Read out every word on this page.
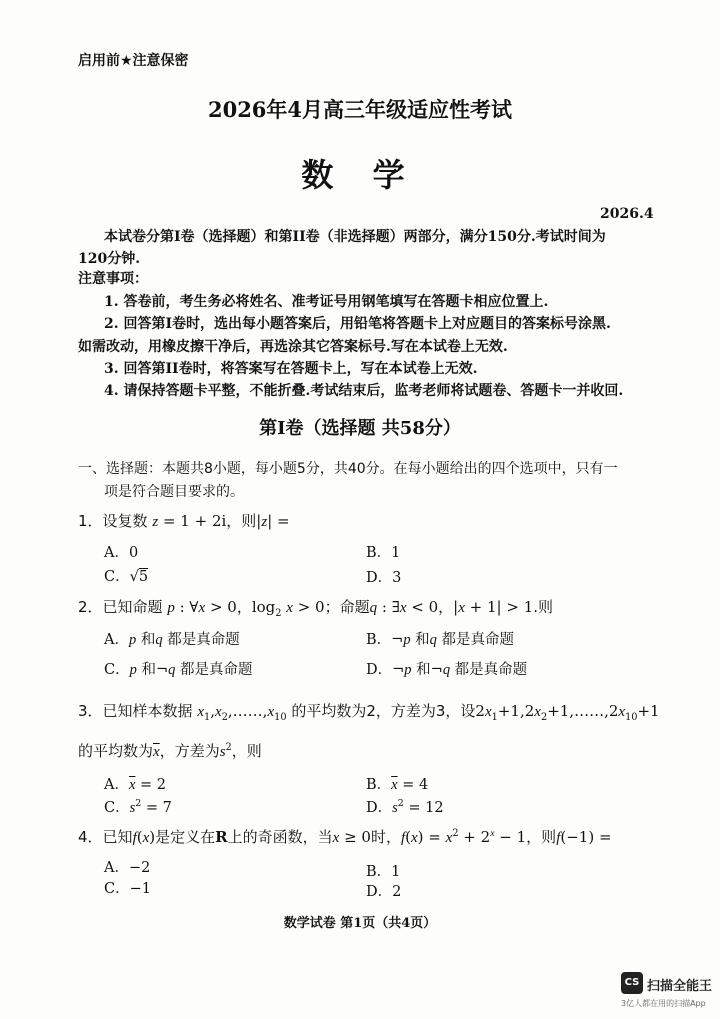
启用前★注意保密
2026年4月高三年级适应性考试
数 学
2026.4
本试卷分第I卷（选择题）和第II卷（非选择题）两部分，满分150分.考试时间为
120分钟.
注意事项：
1. 答卷前，考生务必将姓名、准考证号用钢笔填写在答题卡相应位置上.
2. 回答第I卷时，选出每小题答案后，用铅笔将答题卡上对应题目的答案标号涂黑.
如需改动，用橡皮擦干净后，再选涂其它答案标号.写在本试卷上无效.
3. 回答第II卷时，将答案写在答题卡上，写在本试卷上无效.
4. 请保持答题卡平整，不能折叠.考试结束后，监考老师将试题卷、答题卡一并收回.
第I卷（选择题 共58分）
一、选择题：本题共8小题，每小题5分，共40分。在每小题给出的四个选项中，只有一
项是符合题目要求的。
1．设复数 z = 1 + 2i，则|z| =
A．0	B．1
C．√5	D．3
2．已知命题 p : ∀x > 0，$\log_2 x > 0$；命题q : ∃x < 0，|x + 1| > 1.则
A．p 和q 都是真命题	B．¬p 和q 都是真命题
C．p 和¬q 都是真命题	D．¬p 和¬q 都是真命题
3．已知样本数据 $x_1,x_2,\dots\dots,x_{10}$ 的平均数为2，方差为3，设$2x_1+1,2x_2+1,\dots\dots,2x_{10}+1$
的平均数为$\overline{x}$，方差为$s^2$，则
A．$\overline{x} = 2$	B．$\overline{x} = 4$
C．$s^2 = 7$	D．$s^2 = 12$
4．已知f(x)是定义在R上的奇函数，当x ≥ 0时，$f(x) = x^2 + 2^x - 1$，则f(−1) =
A．−2	B．1
C．−1	D．2
数学试卷 第1页（共4页）
CS 扫描全能王
3亿人都在用的扫描App
